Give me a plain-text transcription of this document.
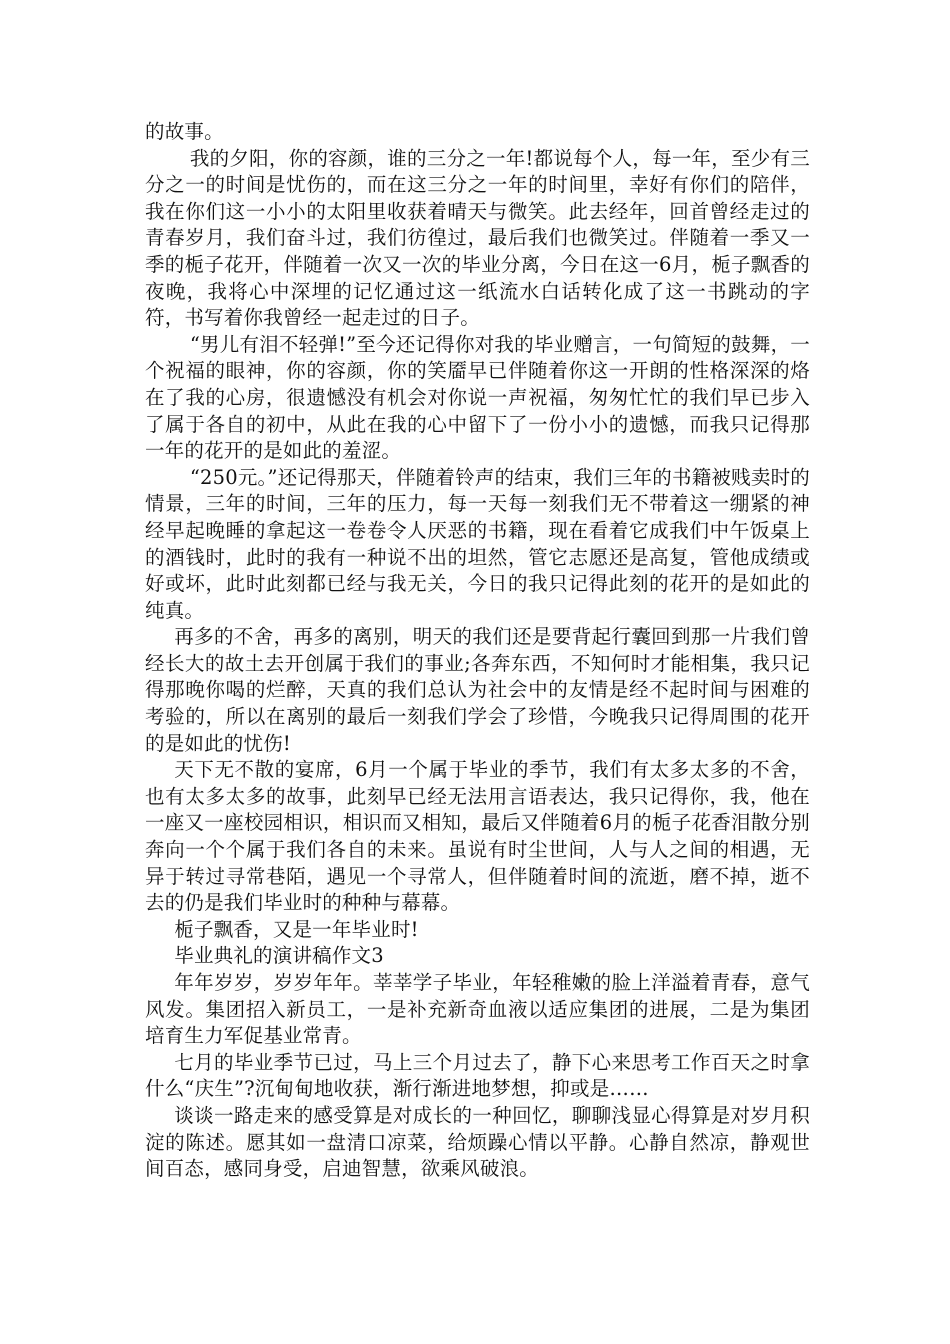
的故事。

我的夕阳，你的容颜，谁的三分之一年!都说每个人，每一年，至少有三分之一的时间是忧伤的，而在这三分之一年的时间里，幸好有你们的陪伴，我在你们这一小小的太阳里收获着晴天与微笑。此去经年，回首曾经走过的青春岁月，我们奋斗过，我们彷徨过，最后我们也微笑过。伴随着一季又一季的栀子花开，伴随着一次又一次的毕业分离，今日在这一6月，栀子飘香的夜晚，我将心中深埋的记忆通过这一纸流水白话转化成了这一书跳动的字符，书写着你我曾经一起走过的日子。

“男儿有泪不轻弹!”至今还记得你对我的毕业赠言，一句简短的鼓舞，一个祝福的眼神，你的容颜，你的笑靥早已伴随着你这一开朗的性格深深的烙在了我的心房，很遗憾没有机会对你说一声祝福，匆匆忙忙的我们早已步入了属于各自的初中，从此在我的心中留下了一份小小的遗憾，而我只记得那一年的花开的是如此的羞涩。

“250元。”还记得那天，伴随着铃声的结束，我们三年的书籍被贱卖时的情景，三年的时间，三年的压力，每一天每一刻我们无不带着这一绷紧的神经早起晚睡的拿起这一卷卷令人厌恶的书籍，现在看着它成我们中午饭桌上的酒钱时，此时的我有一种说不出的坦然，管它志愿还是高复，管他成绩或好或坏，此时此刻都已经与我无关，今日的我只记得此刻的花开的是如此的纯真。

再多的不舍，再多的离别，明天的我们还是要背起行囊回到那一片我们曾经长大的故土去开创属于我们的事业;各奔东西，不知何时才能相集，我只记得那晚你喝的烂醉，天真的我们总认为社会中的友情是经不起时间与困难的考验的，所以在离别的最后一刻我们学会了珍惜，今晚我只记得周围的花开的是如此的忧伤!

天下无不散的宴席，6月一个属于毕业的季节，我们有太多太多的不舍，也有太多太多的故事，此刻早已经无法用言语表达，我只记得你，我，他在一座又一座校园相识，相识而又相知，最后又伴随着6月的栀子花香泪散分别奔向一个个属于我们各自的未来。虽说有时尘世间，人与人之间的相遇，无异于转过寻常巷陌，遇见一个寻常人，但伴随着时间的流逝，磨不掉，逝不去的仍是我们毕业时的种种与幕幕。

栀子飘香，又是一年毕业时!

毕业典礼的演讲稿作文3

年年岁岁，岁岁年年。莘莘学子毕业，年轻稚嫩的脸上洋溢着青春，意气风发。集团招入新员工，一是补充新奇血液以适应集团的进展，二是为集团培育生力军促基业常青。

七月的毕业季节已过，马上三个月过去了，静下心来思考工作百天之时拿什么“庆生”?沉甸甸地收获，渐行渐进地梦想，抑或是……

谈谈一路走来的感受算是对成长的一种回忆，聊聊浅显心得算是对岁月积淀的陈述。愿其如一盘清口凉菜，给烦躁心情以平静。心静自然凉，静观世间百态，感同身受，启迪智慧，欲乘风破浪。
